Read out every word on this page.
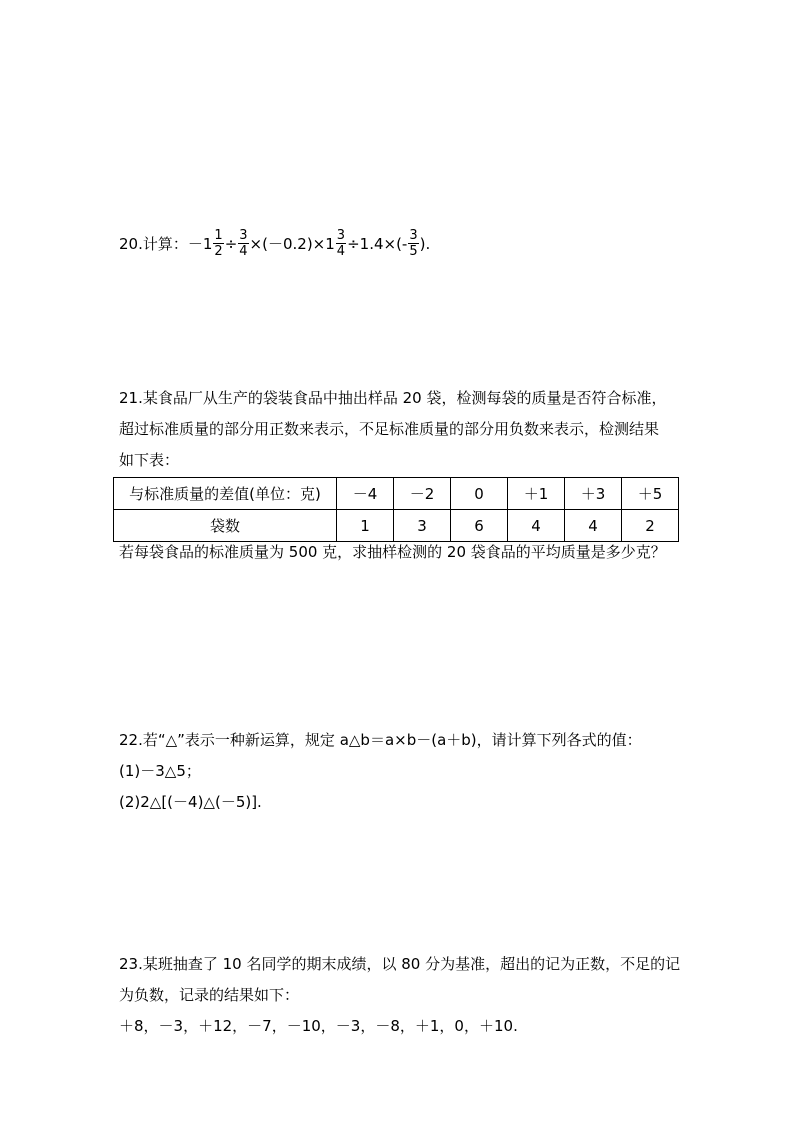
20.计算：$-1 \frac{1}{2} \div \frac{3}{4} \times(-0.2)\times 1 \frac{3}{4} \div 1.4\times(- \frac{3}{5}$ ).
21.某食品厂从生产的袋装食品中抽出样品 20 袋，检测每袋的质量是否符合标准，
超过标准质量的部分用正数来表示，不足标准质量的部分用负数来表示，检测结果
如下表：
与标准质量的差值(单位：克)	－4	－2	0	＋1	＋3	＋5
袋数	1	3	6	4	4	2
若每袋食品的标准质量为 500 克，求抽样检测的 20 袋食品的平均质量是多少克？
22.若“△”表示一种新运算，规定 a△b＝a×b－(a＋b)，请计算下列各式的值：
(1)－3△5；
(2)2△[(－4)△(－5)].
23.某班抽查了 10 名同学的期末成绩，以 80 分为基准，超出的记为正数，不足的记
为负数，记录的结果如下：
＋8，－3，＋12，－7，－10，－3，－8，＋1，0，＋10.
